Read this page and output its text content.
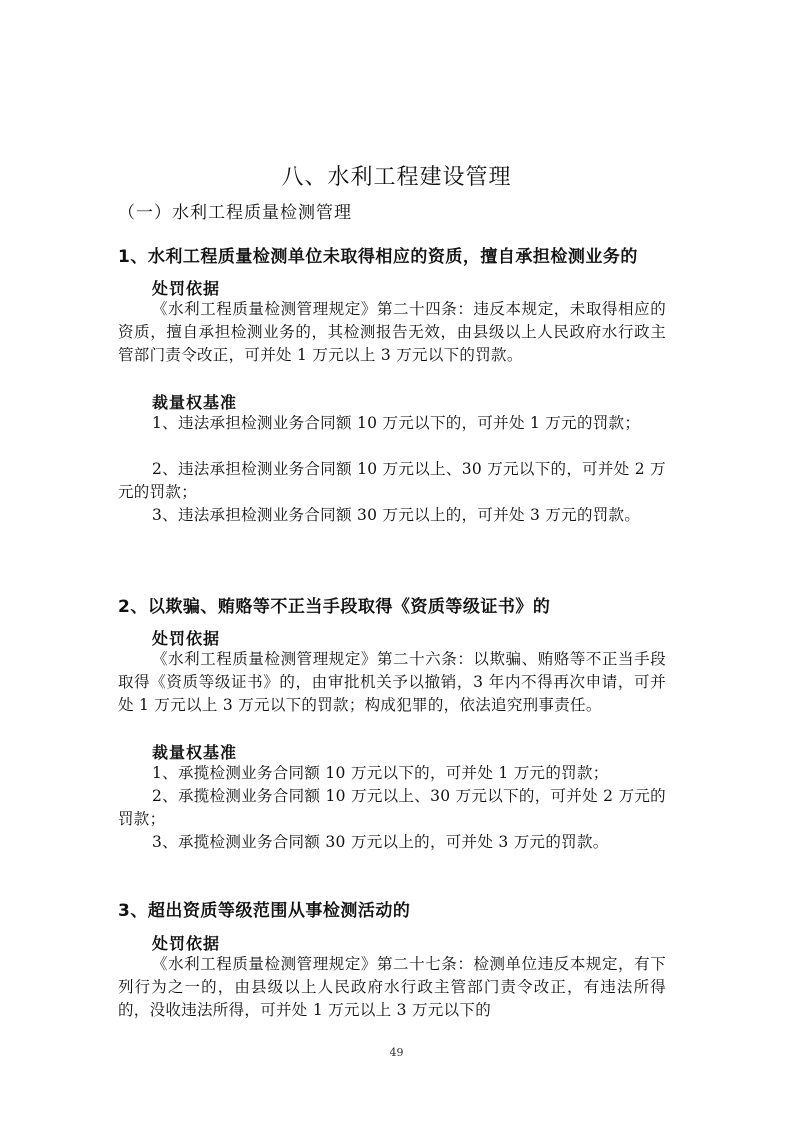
八、水利工程建设管理
（一）水利工程质量检测管理
1、水利工程质量检测单位未取得相应的资质，擅自承担检测业务的
处罚依据
《水利工程质量检测管理规定》第二十四条：违反本规定，未取得相应的资质，擅自承担检测业务的，其检测报告无效，由县级以上人民政府水行政主管部门责令改正，可并处 1 万元以上 3 万元以下的罚款。
裁量权基准
1、违法承担检测业务合同额 10 万元以下的，可并处 1 万元的罚款；
2、违法承担检测业务合同额 10 万元以上、30 万元以下的，可并处 2 万元的罚款；
3、违法承担检测业务合同额 30 万元以上的，可并处 3 万元的罚款。
2、以欺骗、贿赂等不正当手段取得《资质等级证书》的
处罚依据
《水利工程质量检测管理规定》第二十六条：以欺骗、贿赂等不正当手段取得《资质等级证书》的，由审批机关予以撤销，3 年内不得再次申请，可并处 1 万元以上 3 万元以下的罚款；构成犯罪的，依法追究刑事责任。
裁量权基准
1、承揽检测业务合同额 10 万元以下的，可并处 1 万元的罚款；
2、承揽检测业务合同额 10 万元以上、30 万元以下的，可并处 2 万元的罚款；
3、承揽检测业务合同额 30 万元以上的，可并处 3 万元的罚款。
3、超出资质等级范围从事检测活动的
处罚依据
《水利工程质量检测管理规定》第二十七条：检测单位违反本规定，有下列行为之一的，由县级以上人民政府水行政主管部门责令改正，有违法所得的，没收违法所得，可并处 1 万元以上 3 万元以下的
49
